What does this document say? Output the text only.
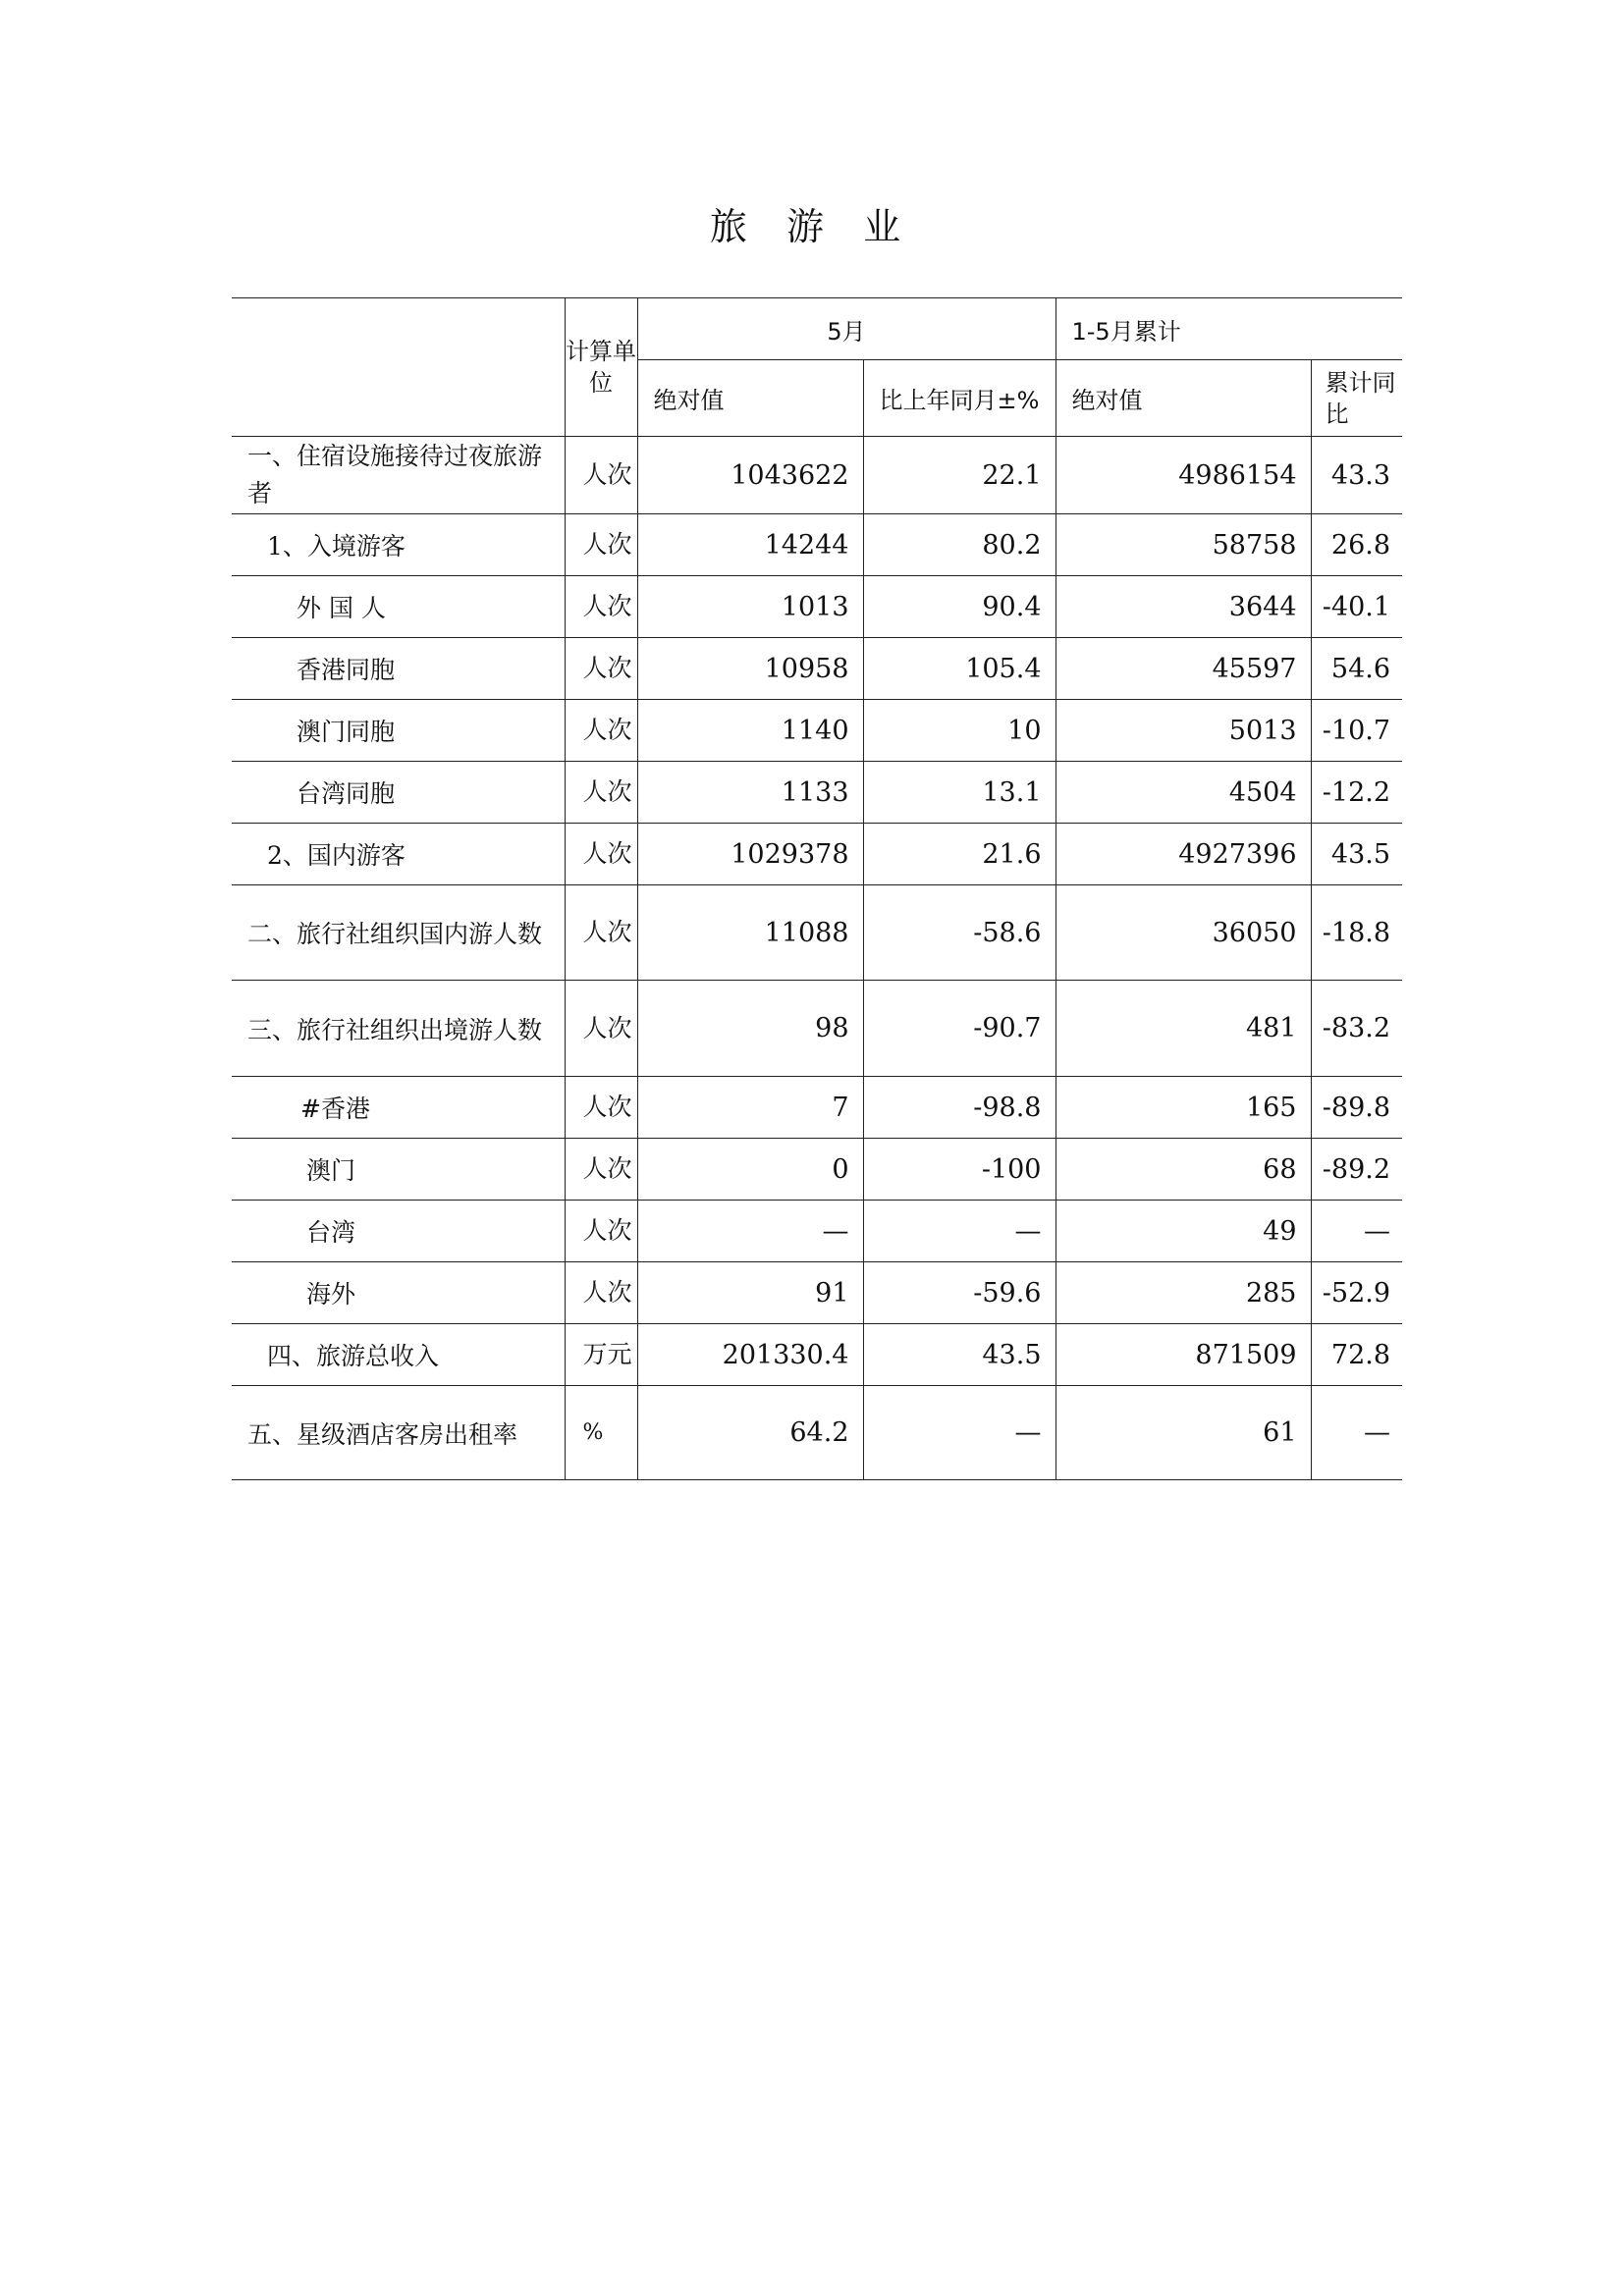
旅 游 业
	计算单位	5月		1-5月累计	
		绝对值	比上年同月±%	绝对值	累计同比
一、住宿设施接待过夜旅游者	人次	1043622	22.1	4986154	43.3
1、入境游客	人次	14244	80.2	58758	26.8
外 国 人	人次	1013	90.4	3644	-40.1
香港同胞	人次	10958	105.4	45597	54.6
澳门同胞	人次	1140	10	5013	-10.7
台湾同胞	人次	1133	13.1	4504	-12.2
2、国内游客	人次	1029378	21.6	4927396	43.5
二、旅行社组织国内游人数	人次	11088	-58.6	36050	-18.8
三、旅行社组织出境游人数	人次	98	-90.7	481	-83.2
#香港	人次	7	-98.8	165	-89.8
澳门	人次	0	-100	68	-89.2
台湾	人次	—	—	49	—
海外	人次	91	-59.6	285	-52.9
四、旅游总收入	万元	201330.4	43.5	871509	72.8
五、星级酒店客房出租率	%	64.2	—	61	—
